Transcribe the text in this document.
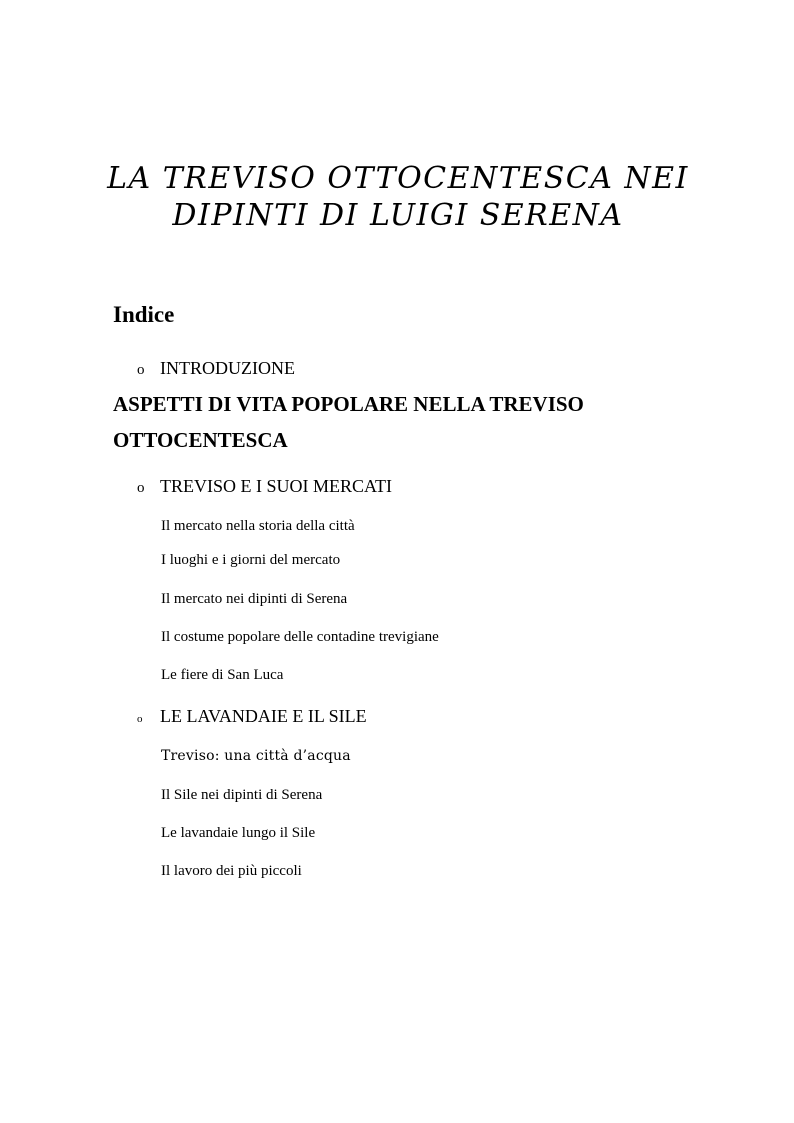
LA TREVISO OTTOCENTESCA NEI
DIPINTI DI LUIGI SERENA
Indice
o INTRODUZIONE
ASPETTI DI VITA POPOLARE NELLA TREVISO
OTTOCENTESCA
o TREVISO E I SUOI MERCATI
Il mercato nella storia della città
I luoghi e i giorni del mercato
Il mercato nei dipinti di Serena
Il costume popolare delle contadine trevigiane
Le fiere di San Luca
o LE LAVANDAIE E IL SILE
Treviso: una città d’acqua
Il Sile nei dipinti di Serena
Le lavandaie lungo il Sile
Il lavoro dei più piccoli
